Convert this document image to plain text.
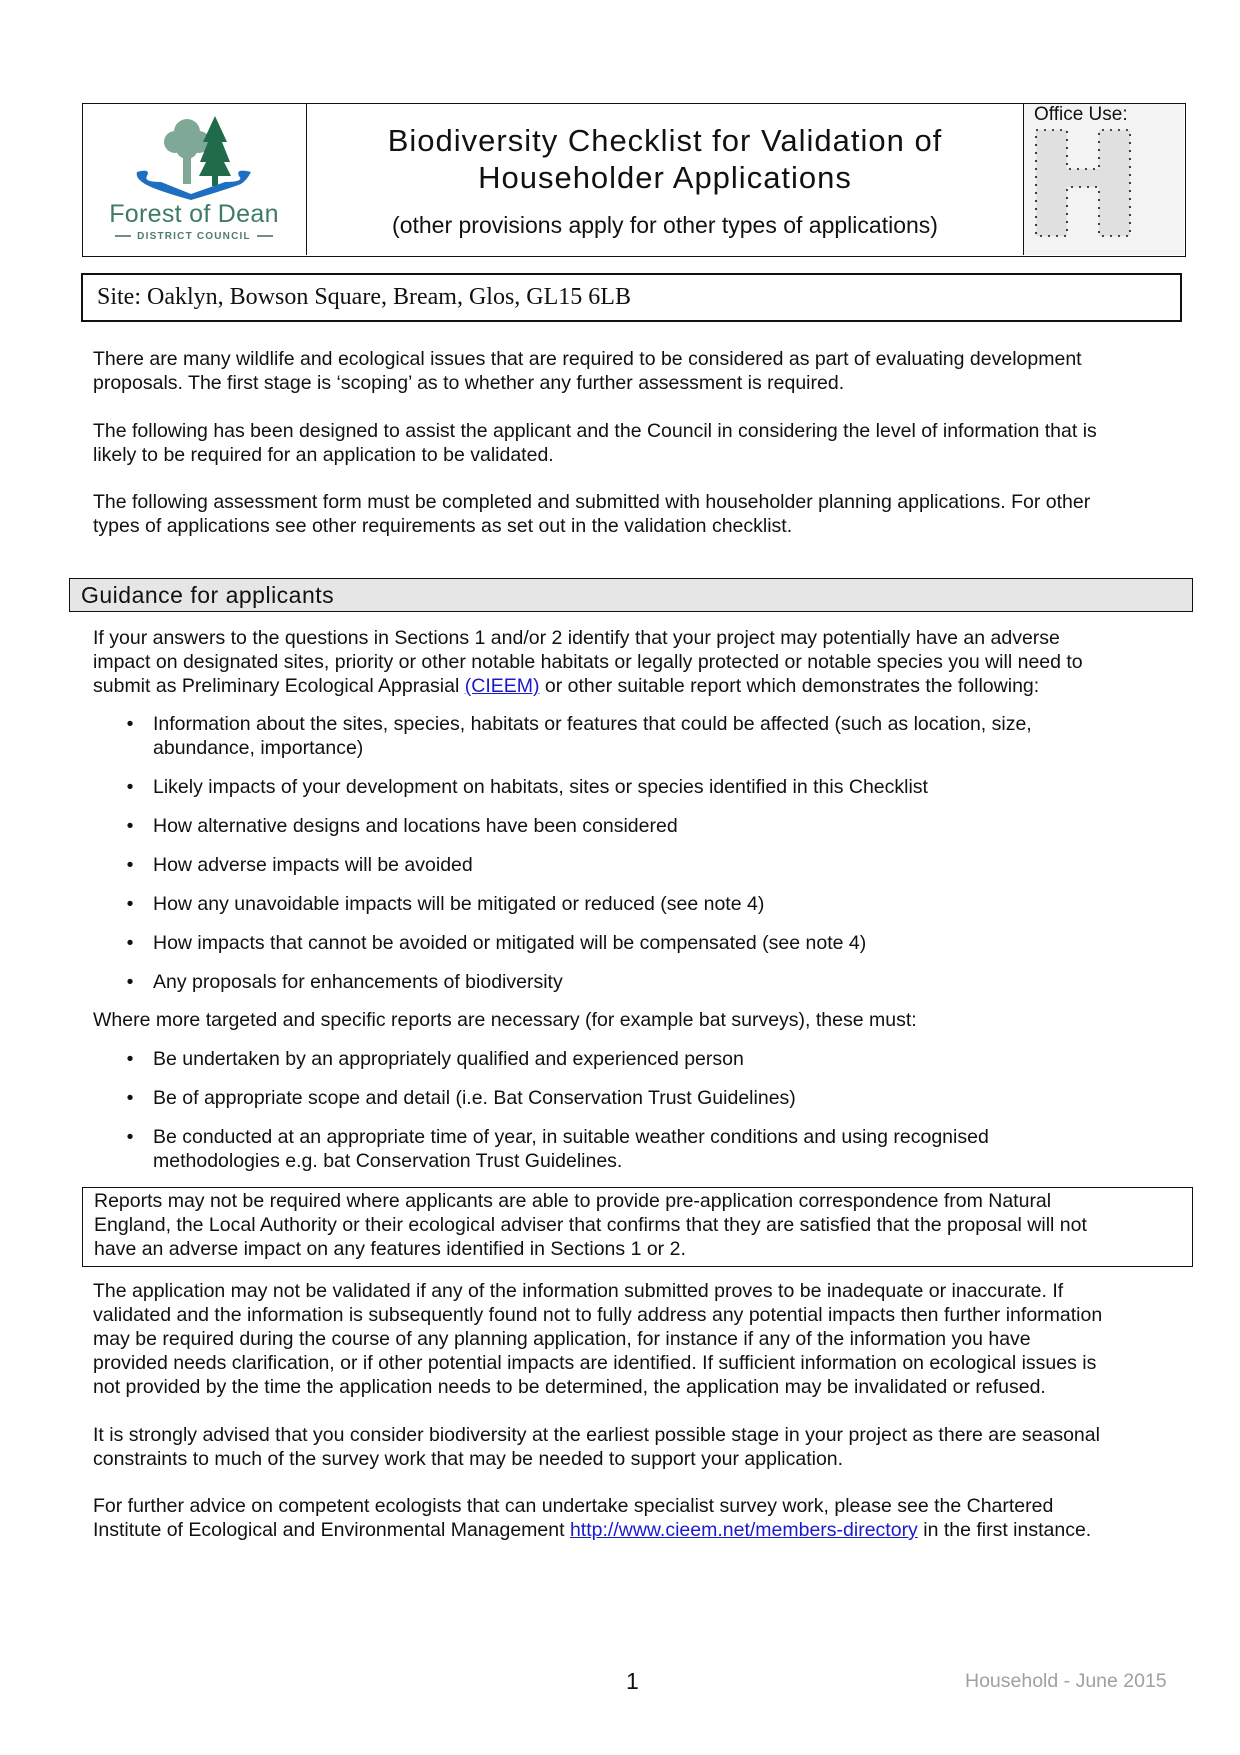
Forest of Dean
DISTRICT COUNCIL
Biodiversity Checklist for Validation of
Householder Applications
(other provisions apply for other types of applications)
Office Use:
Site: Oaklyn, Bowson Square, Bream, Glos, GL15 6LB
There are many wildlife and ecological issues that are required to be considered as part of evaluating development
proposals. The first stage is ‘scoping’ as to whether any further assessment is required.
The following has been designed to assist the applicant and the Council in considering the level of information that is
likely to be required for an application to be validated.
The following assessment form must be completed and submitted with householder planning applications. For other
types of applications see other requirements as set out in the validation checklist.
Guidance for applicants
If your answers to the questions in Sections 1 and/or 2 identify that your project may potentially have an adverse
impact on designated sites, priority or other notable habitats or legally protected or notable species you will need to
submit as Preliminary Ecological Apprasial (CIEEM) or other suitable report which demonstrates the following:
• Information about the sites, species, habitats or features that could be affected (such as location, size,
abundance, importance)
• Likely impacts of your development on habitats, sites or species identified in this Checklist
• How alternative designs and locations have been considered
• How adverse impacts will be avoided
• How any unavoidable impacts will be mitigated or reduced (see note 4)
• How impacts that cannot be avoided or mitigated will be compensated (see note 4)
• Any proposals for enhancements of biodiversity
Where more targeted and specific reports are necessary (for example bat surveys), these must:
• Be undertaken by an appropriately qualified and experienced person
• Be of appropriate scope and detail (i.e. Bat Conservation Trust Guidelines)
• Be conducted at an appropriate time of year, in suitable weather conditions and using recognised
methodologies e.g. bat Conservation Trust Guidelines.
Reports may not be required where applicants are able to provide pre-application correspondence from Natural
England, the Local Authority or their ecological adviser that confirms that they are satisfied that the proposal will not
have an adverse impact on any features identified in Sections 1 or 2.
The application may not be validated if any of the information submitted proves to be inadequate or inaccurate. If
validated and the information is subsequently found not to fully address any potential impacts then further information
may be required during the course of any planning application, for instance if any of the information you have
provided needs clarification, or if other potential impacts are identified. If sufficient information on ecological issues is
not provided by the time the application needs to be determined, the application may be invalidated or refused.
It is strongly advised that you consider biodiversity at the earliest possible stage in your project as there are seasonal
constraints to much of the survey work that may be needed to support your application.
For further advice on competent ecologists that can undertake specialist survey work, please see the Chartered
Institute of Ecological and Environmental Management http://www.cieem.net/members-directory in the first instance.
1	Household - June 2015
